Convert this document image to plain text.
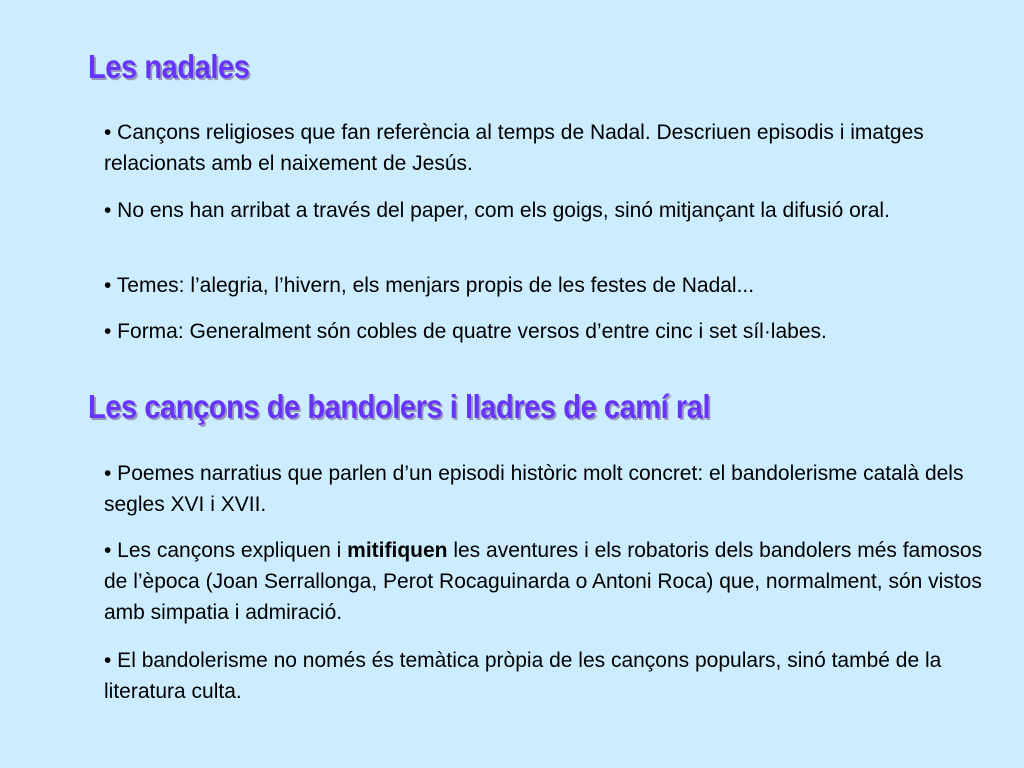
Les nadales

• Cançons religioses que fan referència al temps de Nadal. Descriuen episodis i imatges relacionats amb el naixement de Jesús.

• No ens han arribat a través del paper, com els goigs, sinó mitjançant la difusió oral.

• Temes: l’alegria, l’hivern, els menjars propis de les festes de Nadal...

• Forma: Generalment són cobles de quatre versos d’entre cinc i set síl·labes.

Les cançons de bandolers i lladres de camí ral

• Poemes narratius que parlen d’un episodi històric molt concret: el bandolerisme català dels segles XVI i XVII.

• Les cançons expliquen i mitifiquen les aventures i els robatoris dels bandolers més famosos de l’època (Joan Serrallonga, Perot Rocaguinarda o Antoni Roca) que, normalment, són vistos amb simpatia i admiració.

• El bandolerisme no només és temàtica pròpia de les cançons populars, sinó també de la literatura culta.
